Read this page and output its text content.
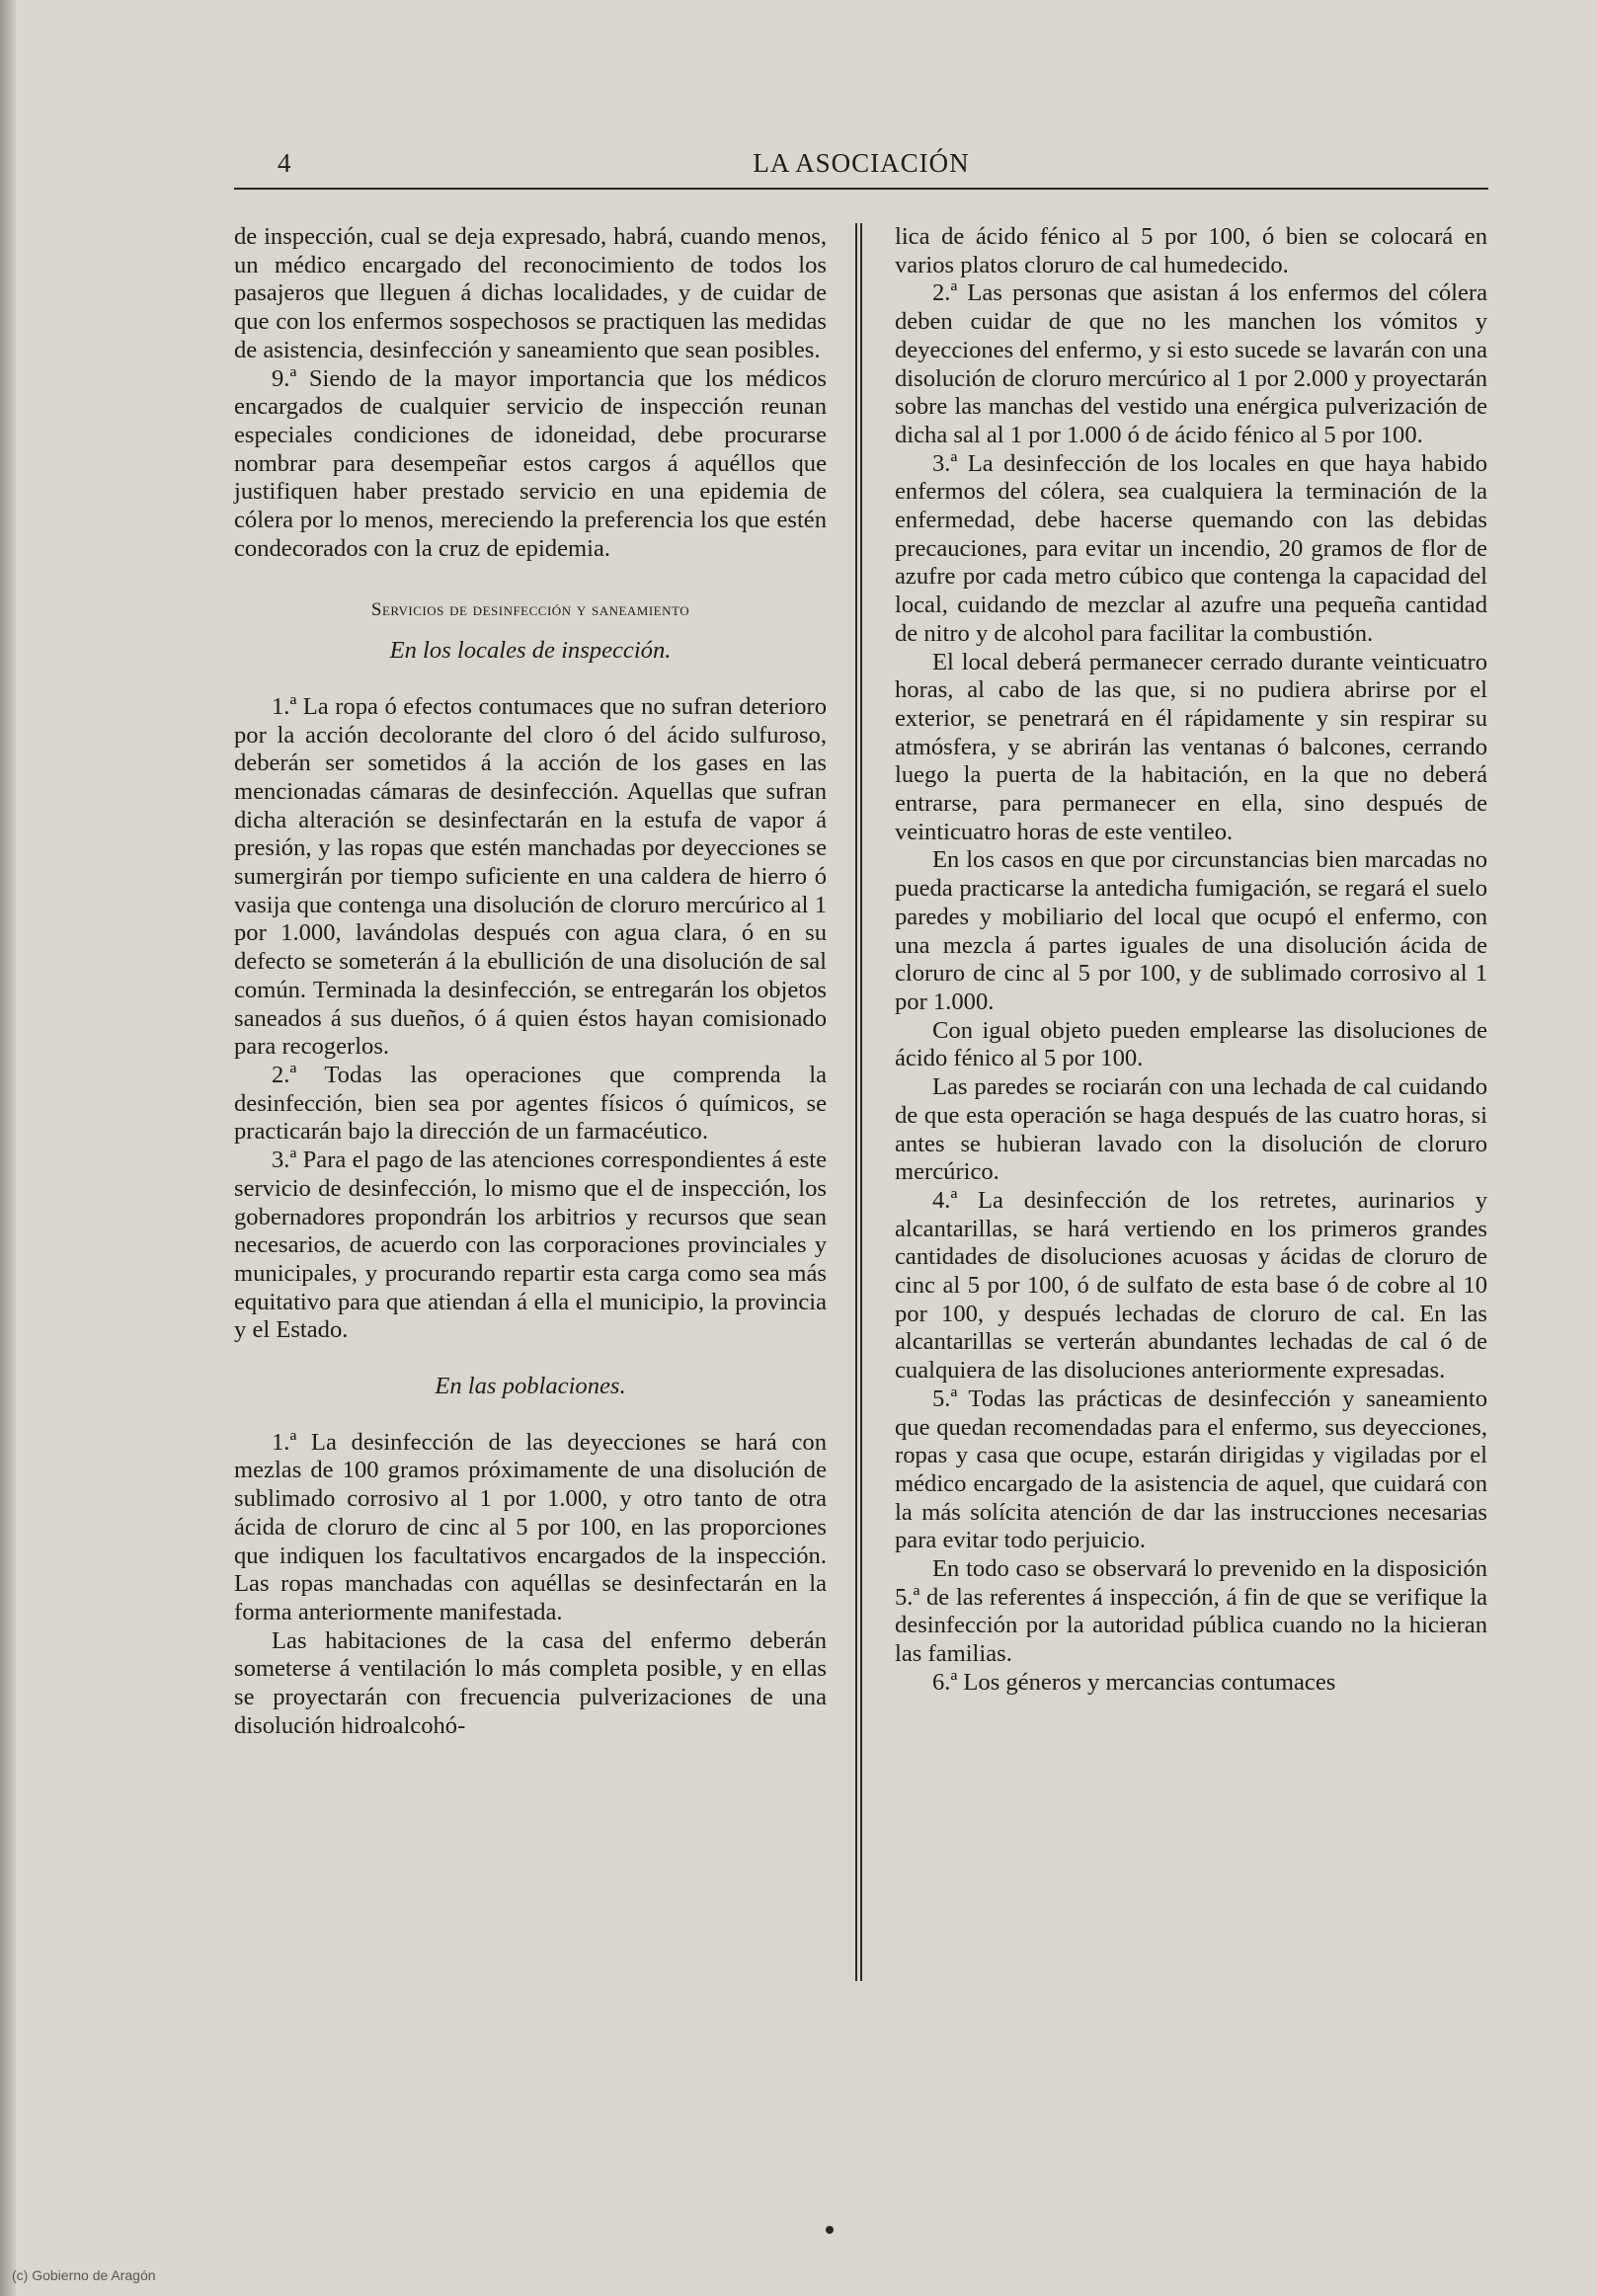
4	LA ASOCIACIÓN

de inspección, cual se deja expresado, habrá, cuando menos, un médico encargado del reconocimiento de todos los pasajeros que lleguen á dichas localidades, y de cuidar de que con los enfermos sospechosos se practiquen las medidas de asistencia, desinfección y saneamiento que sean posibles.

9.ª Siendo de la mayor importancia que los médicos encargados de cualquier servicio de inspección reunan especiales condiciones de idoneidad, debe procurarse nombrar para desempeñar estos cargos á aquéllos que justifiquen haber prestado servicio en una epidemia de cólera por lo menos, mereciendo la preferencia los que estén condecorados con la cruz de epidemia.

Servicios de desinfección y saneamiento
En los locales de inspección.

1.ª La ropa ó efectos contumaces que no sufran deterioro por la acción decolorante del cloro ó del ácido sulfuroso, deberán ser sometidos á la acción de los gases en las mencionadas cámaras de desinfección. Aquellas que sufran dicha alteración se desinfectarán en la estufa de vapor á presión, y las ropas que estén manchadas por deyecciones se sumergirán por tiempo suficiente en una caldera de hierro ó vasija que contenga una disolución de cloruro mercúrico al 1 por 1.000, lavándolas después con agua clara, ó en su defecto se someterán á la ebullición de una disolución de sal común. Terminada la desinfección, se entregarán los objetos saneados á sus dueños, ó á quien éstos hayan comisionado para recogerlos.

2.ª Todas las operaciones que comprenda la desinfección, bien sea por agentes físicos ó químicos, se practicarán bajo la dirección de un farmacéutico.

3.ª Para el pago de las atenciones correspondientes á este servicio de desinfección, lo mismo que el de inspección, los gobernadores propondrán los arbitrios y recursos que sean necesarios, de acuerdo con las corporaciones provinciales y municipales, y procurando repartir esta carga como sea más equitativo para que atiendan á ella el municipio, la provincia y el Estado.

En las poblaciones.

1.ª La desinfección de las deyecciones se hará con mezlas de 100 gramos próximamente de una disolución de sublimado corrosivo al 1 por 1.000, y otro tanto de otra ácida de cloruro de cinc al 5 por 100, en las proporciones que indiquen los facultativos encargados de la inspección. Las ropas manchadas con aquéllas se desinfectarán en la forma anteriormente manifestada.

Las habitaciones de la casa del enfermo deberán someterse á ventilación lo más completa posible, y en ellas se proyectarán con frecuencia pulverizaciones de una disolución hidroalcohó-

lica de ácido fénico al 5 por 100, ó bien se colocará en varios platos cloruro de cal humedecido.

2.ª Las personas que asistan á los enfermos del cólera deben cuidar de que no les manchen los vómitos y deyecciones del enfermo, y si esto sucede se lavarán con una disolución de cloruro mercúrico al 1 por 2.000 y proyectarán sobre las manchas del vestido una enérgica pulverización de dicha sal al 1 por 1.000 ó de ácido fénico al 5 por 100.

3.ª La desinfección de los locales en que haya habido enfermos del cólera, sea cualquiera la terminación de la enfermedad, debe hacerse quemando con las debidas precauciones, para evitar un incendio, 20 gramos de flor de azufre por cada metro cúbico que contenga la capacidad del local, cuidando de mezclar al azufre una pequeña cantidad de nitro y de alcohol para facilitar la combustión.

El local deberá permanecer cerrado durante veinticuatro horas, al cabo de las que, si no pudiera abrirse por el exterior, se penetrará en él rápidamente y sin respirar su atmósfera, y se abrirán las ventanas ó balcones, cerrando luego la puerta de la habitación, en la que no deberá entrarse, para permanecer en ella, sino después de veinticuatro horas de este ventileo.

En los casos en que por circunstancias bien marcadas no pueda practicarse la antedicha fumigación, se regará el suelo paredes y mobiliario del local que ocupó el enfermo, con una mezcla á partes iguales de una disolución ácida de cloruro de cinc al 5 por 100, y de sublimado corrosivo al 1 por 1.000.

Con igual objeto pueden emplearse las disoluciones de ácido fénico al 5 por 100.

Las paredes se rociarán con una lechada de cal cuidando de que esta operación se haga después de las cuatro horas, si antes se hubieran lavado con la disolución de cloruro mercúrico.

4.ª La desinfección de los retretes, aurinarios y alcantarillas, se hará vertiendo en los primeros grandes cantidades de disoluciones acuosas y ácidas de cloruro de cinc al 5 por 100, ó de sulfato de esta base ó de cobre al 10 por 100, y después lechadas de cloruro de cal. En las alcantarillas se verterán abundantes lechadas de cal ó de cualquiera de las disoluciones anteriormente expresadas.

5.ª Todas las prácticas de desinfección y saneamiento que quedan recomendadas para el enfermo, sus deyecciones, ropas y casa que ocupe, estarán dirigidas y vigiladas por el médico encargado de la asistencia de aquel, que cuidará con la más solícita atención de dar las instrucciones necesarias para evitar todo perjuicio.

En todo caso se observará lo prevenido en la disposición 5.ª de las referentes á inspección, á fin de que se verifique la desinfección por la autoridad pública cuando no la hicieran las familias.

6.ª Los géneros y mercancias contumaces

(c) Gobierno de Aragón
